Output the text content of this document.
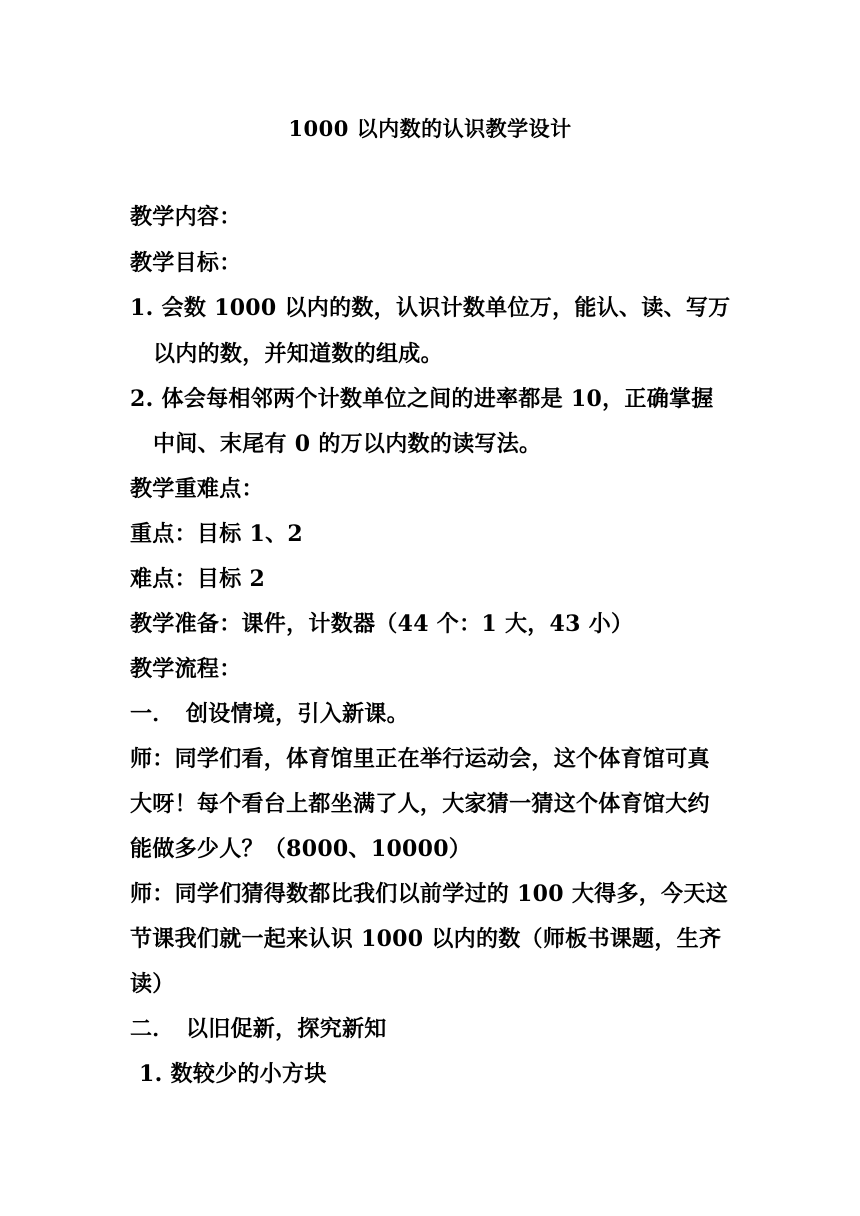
1000 以内数的认识教学设计
教学内容：
教学目标：
1. 会数 1000 以内的数，认识计数单位万，能认、读、写万
以内的数，并知道数的组成。
2. 体会每相邻两个计数单位之间的进率都是 10，正确掌握
中间、末尾有 0 的万以内数的读写法。
教学重难点：
重点：目标 1、2
难点：目标 2
教学准备：课件，计数器（44 个：1 大，43 小）
教学流程：
一．　创设情境，引入新课。
师：同学们看，体育馆里正在举行运动会，这个体育馆可真
大呀！每个看台上都坐满了人，大家猜一猜这个体育馆大约
能做多少人？（8000、10000）
师：同学们猜得数都比我们以前学过的 100 大得多，今天这
节课我们就一起来认识 1000 以内的数（师板书课题，生齐
读）
二．　以旧促新，探究新知
1. 数较少的小方块
